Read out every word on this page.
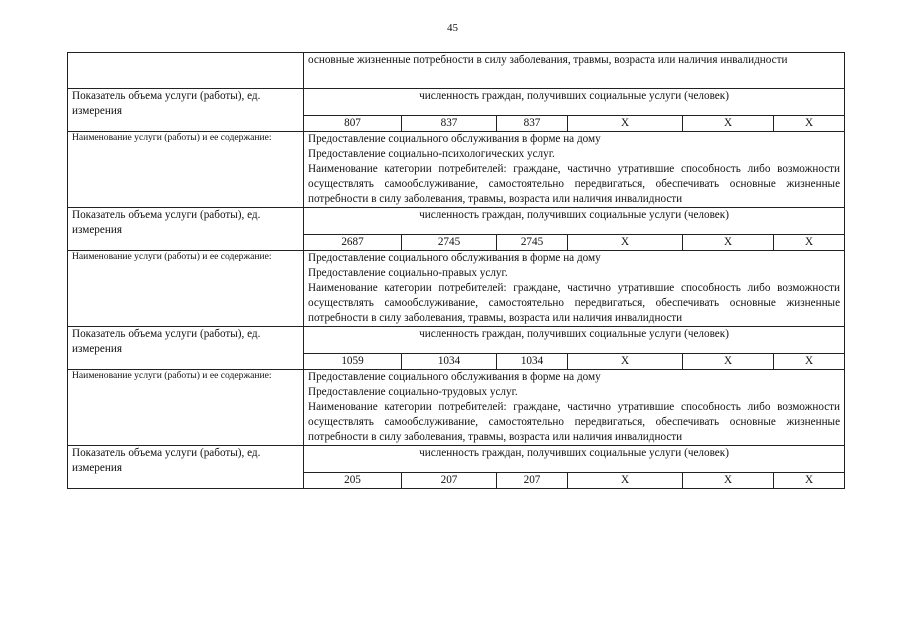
45
	основные жизненные потребности в силу заболевания, травмы, возраста или наличия инвалидности					
Показатель объема услуги (работы), ед. измерения	численность граждан, получивших социальные услуги (человек)					
	807	837	837	X	X	X
Наименование услуги (работы) и ее содержание:	Предоставление социального обслуживания в форме на дому
Предоставление социально-психологических услуг.
Наименование категории потребителей: граждане, частично утратившие способность либо возможности осуществлять самообслуживание, самостоятельно передвигаться, обеспечивать основные жизненные потребности в силу заболевания, травмы, возраста или наличия инвалидности					

Показатель объема услуги (работы), ед. измерения	численность граждан, получивших социальные услуги (человек)					
	2687	2745	2745	X	X	X
Наименование услуги (работы) и ее содержание:	Предоставление социального обслуживания в форме на дому
Предоставление социально-правых услуг.
Наименование категории потребителей: граждане, частично утратившие способность либо возможности осуществлять самообслуживание, самостоятельно передвигаться, обеспечивать основные жизненные потребности в силу заболевания, травмы, возраста или наличия инвалидности					

Показатель объема услуги (работы), ед. измерения	численность граждан, получивших социальные услуги (человек)					
	1059	1034	1034	X	X	X
Наименование услуги (работы) и ее содержание:	Предоставление социального обслуживания в форме на дому
Предоставление социально-трудовых услуг.
Наименование категории потребителей: граждане, частично утратившие способность либо возможности осуществлять самообслуживание, самостоятельно передвигаться, обеспечивать основные жизненные потребности в силу заболевания, травмы, возраста или наличия инвалидности					

Показатель объема услуги (работы), ед. измерения	численность граждан, получивших социальные услуги (человек)					
	205	207	207	X	X	X
